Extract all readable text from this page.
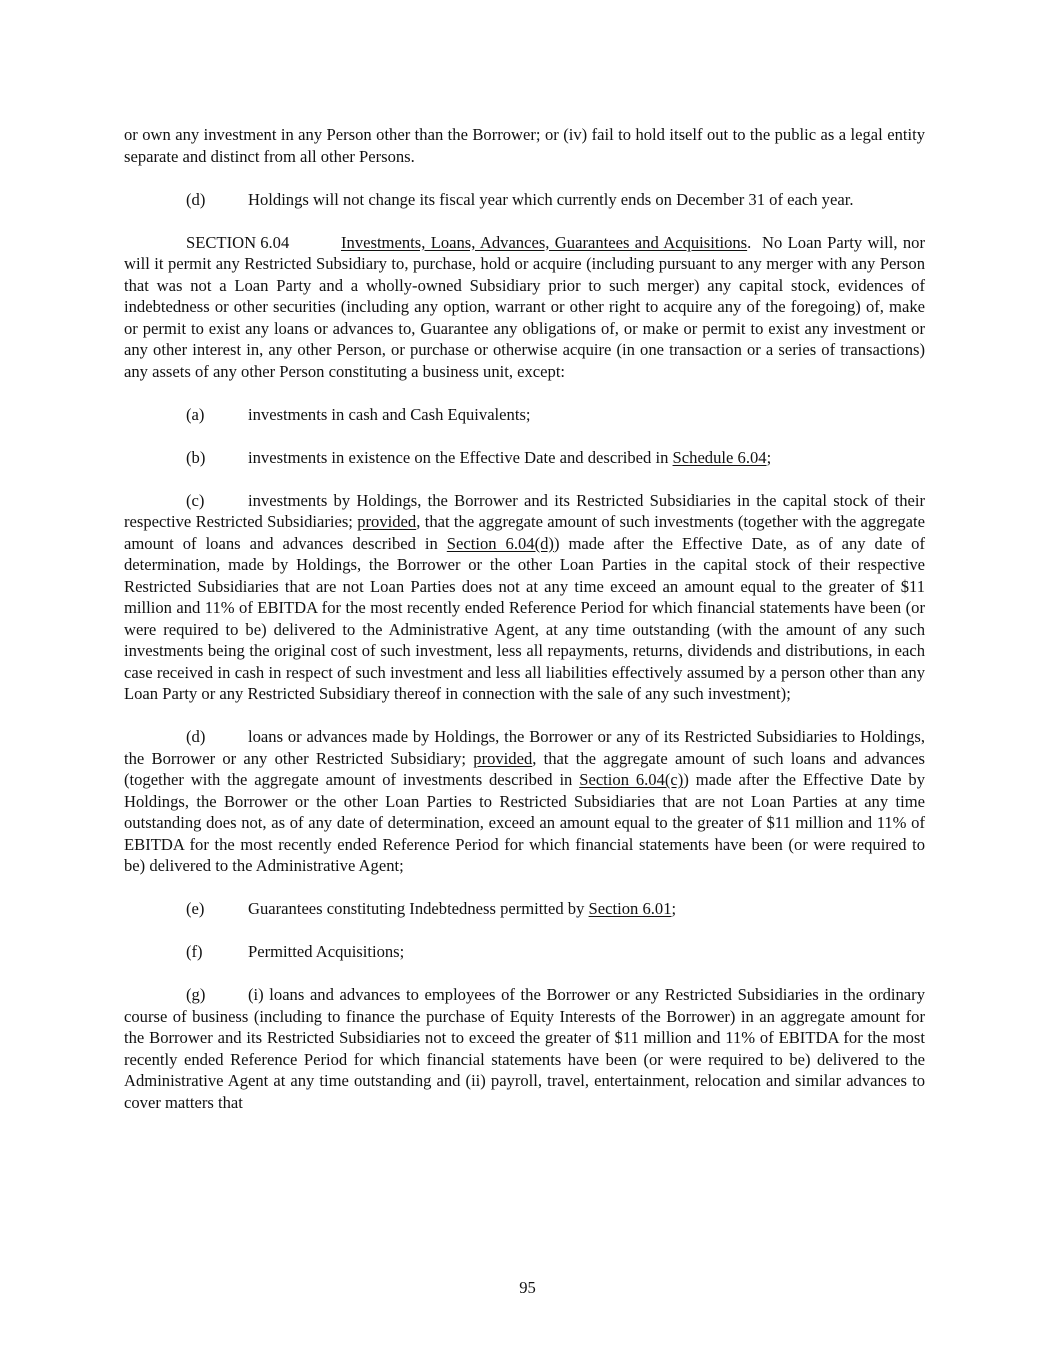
or own any investment in any Person other than the Borrower; or (iv) fail to hold itself out to the public as a legal entity separate and distinct from all other Persons.

(d)	Holdings will not change its fiscal year which currently ends on December 31 of each year.

SECTION 6.04	Investments, Loans, Advances, Guarantees and Acquisitions.  No Loan Party will, nor will it permit any Restricted Subsidiary to, purchase, hold or acquire (including pursuant to any merger with any Person that was not a Loan Party and a wholly-owned Subsidiary prior to such merger) any capital stock, evidences of indebtedness or other securities (including any option, warrant or other right to acquire any of the foregoing) of, make or permit to exist any loans or advances to, Guarantee any obligations of, or make or permit to exist any investment or any other interest in, any other Person, or purchase or otherwise acquire (in one transaction or a series of transactions) any assets of any other Person constituting a business unit, except:

(a)	investments in cash and Cash Equivalents;

(b)	investments in existence on the Effective Date and described in Schedule 6.04;

(c)	investments by Holdings, the Borrower and its Restricted Subsidiaries in the capital stock of their respective Restricted Subsidiaries; provided, that the aggregate amount of such investments (together with the aggregate amount of loans and advances described in Section 6.04(d)) made after the Effective Date, as of any date of determination, made by Holdings, the Borrower or the other Loan Parties in the capital stock of their respective Restricted Subsidiaries that are not Loan Parties does not at any time exceed an amount equal to the greater of $11 million and 11% of EBITDA for the most recently ended Reference Period for which financial statements have been (or were required to be) delivered to the Administrative Agent, at any time outstanding (with the amount of any such investments being the original cost of such investment, less all repayments, returns, dividends and distributions, in each case received in cash in respect of such investment and less all liabilities effectively assumed by a person other than any Loan Party or any Restricted Subsidiary thereof in connection with the sale of any such investment);

(d)	loans or advances made by Holdings, the Borrower or any of its Restricted Subsidiaries to Holdings, the Borrower or any other Restricted Subsidiary; provided, that the aggregate amount of such loans and advances (together with the aggregate amount of investments described in Section 6.04(c)) made after the Effective Date by Holdings, the Borrower or the other Loan Parties to Restricted Subsidiaries that are not Loan Parties at any time outstanding does not, as of any date of determination, exceed an amount equal to the greater of $11 million and 11% of EBITDA for the most recently ended Reference Period for which financial statements have been (or were required to be) delivered to the Administrative Agent;

(e)	Guarantees constituting Indebtedness permitted by Section 6.01;

(f)	Permitted Acquisitions;

(g)	(i) loans and advances to employees of the Borrower or any Restricted Subsidiaries in the ordinary course of business (including to finance the purchase of Equity Interests of the Borrower) in an aggregate amount for the Borrower and its Restricted Subsidiaries not to exceed the greater of $11 million and 11% of EBITDA for the most recently ended Reference Period for which financial statements have been (or were required to be) delivered to the Administrative Agent at any time outstanding and (ii) payroll, travel, entertainment, relocation and similar advances to cover matters that

95
